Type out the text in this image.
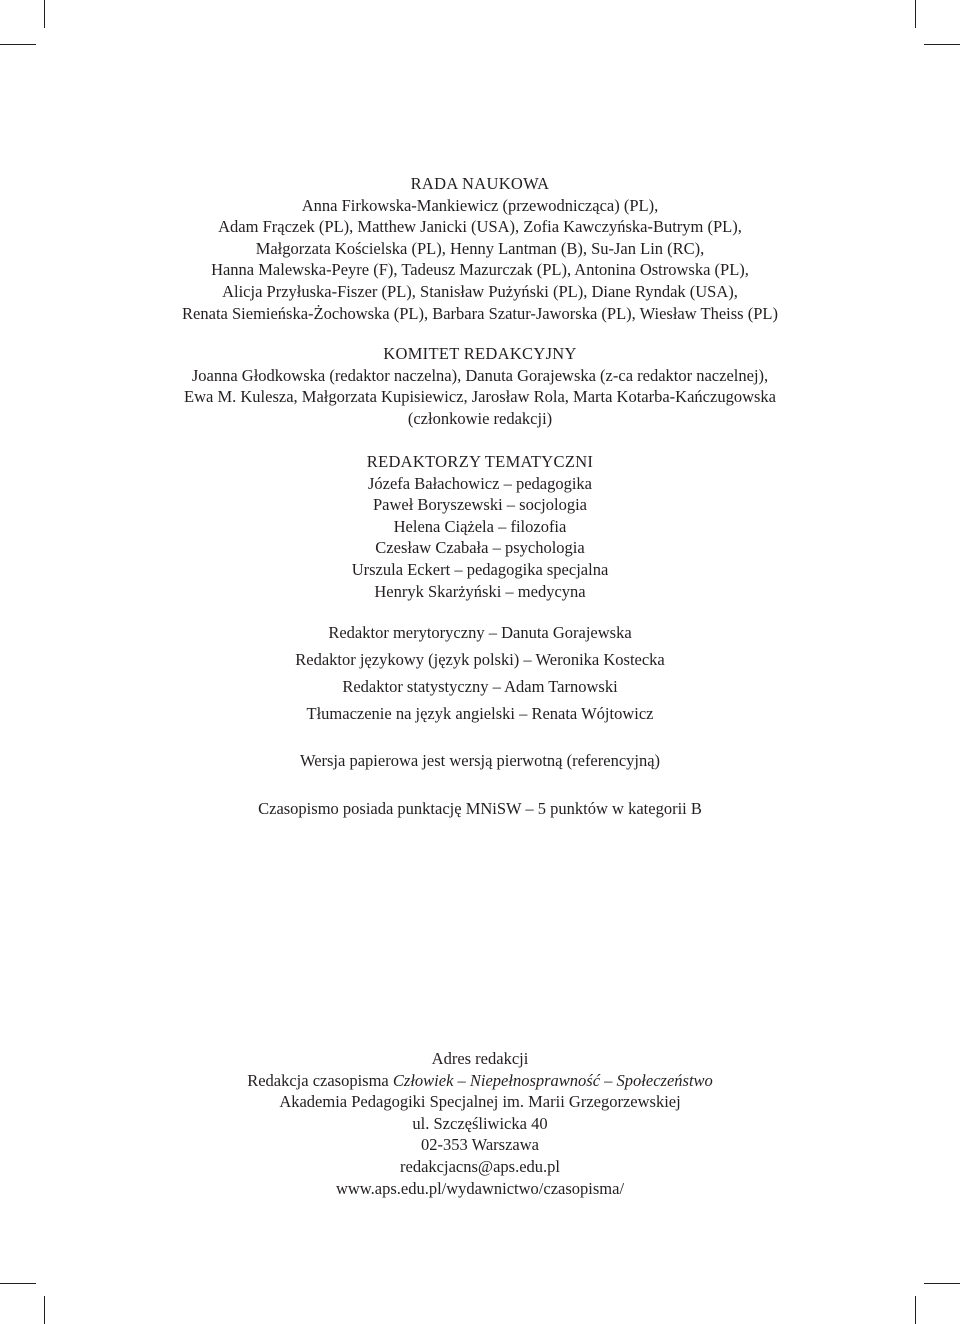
RADA NAUKOWA
Anna Firkowska-Mankiewicz (przewodnicząca) (PL),
Adam Frączek (PL), Matthew Janicki (USA), Zofia Kawczyńska-Butrym (PL),
Małgorzata Kościelska (PL), Henny Lantman (B), Su-Jan Lin (RC),
Hanna Malewska-Peyre (F), Tadeusz Mazurczak (PL), Antonina Ostrowska (PL),
Alicja Przyłuska-Fiszer (PL), Stanisław Pużyński (PL), Diane Ryndak (USA),
Renata Siemieńska-Żochowska (PL), Barbara Szatur-Jaworska (PL), Wiesław Theiss (PL)
KOMITET REDAKCYJNY
Joanna Głodkowska (redaktor naczelna), Danuta Gorajewska (z-ca redaktor naczelnej),
Ewa M. Kulesza, Małgorzata Kupisiewicz, Jarosław Rola, Marta Kotarba-Kańczugowska
(członkowie redakcji)
REDAKTORZY TEMATYCZNI
Józefa Bałachowicz – pedagogika
Paweł Boryszewski – socjologia
Helena Ciążela – filozofia
Czesław Czabała – psychologia
Urszula Eckert – pedagogika specjalna
Henryk Skarżyński – medycyna
Redaktor merytoryczny – Danuta Gorajewska
Redaktor językowy (język polski) – Weronika Kostecka
Redaktor statystyczny – Adam Tarnowski
Tłumaczenie na język angielski – Renata Wójtowicz
Wersja papierowa jest wersją pierwotną (referencyjną)
Czasopismo posiada punktację MNiSW – 5 punktów w kategorii B
Adres redakcji
Redakcja czasopisma Człowiek – Niepełnosprawność – Społeczeństwo
Akademia Pedagogiki Specjalnej im. Marii Grzegorzewskiej
ul. Szczęśliwicka 40
02-353 Warszawa
redakcjacns@aps.edu.pl
www.aps.edu.pl/wydawnictwo/czasopisma/
